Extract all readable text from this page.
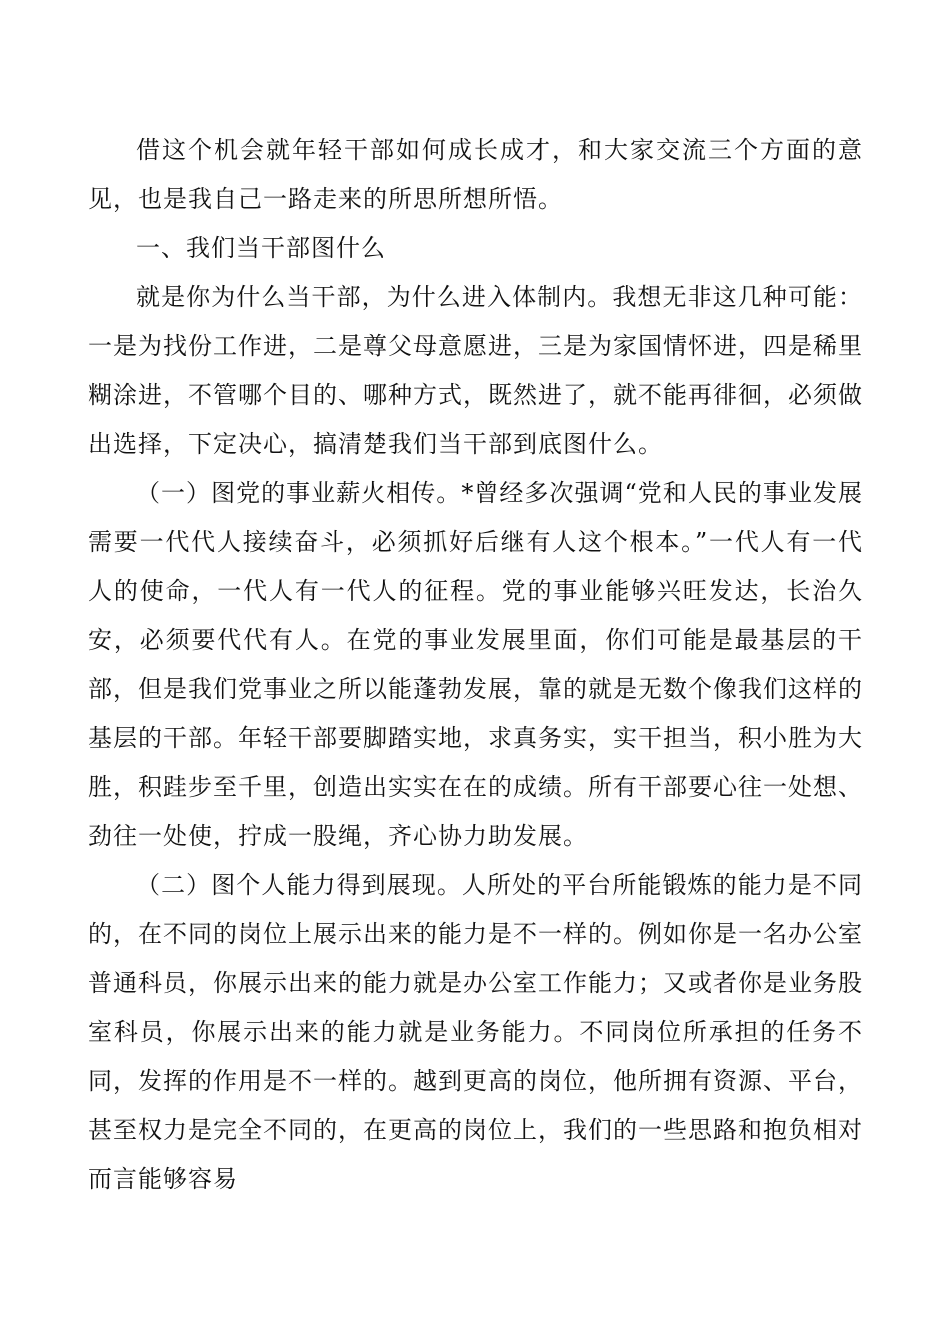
借这个机会就年轻干部如何成长成才，和大家交流三个方面的意见，也是我自己一路走来的所思所想所悟。

一、我们当干部图什么

就是你为什么当干部，为什么进入体制内。我想无非这几种可能：一是为找份工作进，二是尊父母意愿进，三是为家国情怀进，四是稀里糊涂进，不管哪个目的、哪种方式，既然进了，就不能再徘徊，必须做出选择，下定决心，搞清楚我们当干部到底图什么。

（一）图党的事业薪火相传。*曾经多次强调“党和人民的事业发展需要一代代人接续奋斗，必须抓好后继有人这个根本。”一代人有一代人的使命，一代人有一代人的征程。党的事业能够兴旺发达，长治久安，必须要代代有人。在党的事业发展里面，你们可能是最基层的干部，但是我们党事业之所以能蓬勃发展，靠的就是无数个像我们这样的基层的干部。年轻干部要脚踏实地，求真务实，实干担当，积小胜为大胜，积跬步至千里，创造出实实在在的成绩。所有干部要心往一处想、劲往一处使，拧成一股绳，齐心协力助发展。

（二）图个人能力得到展现。人所处的平台所能锻炼的能力是不同的，在不同的岗位上展示出来的能力是不一样的。例如你是一名办公室普通科员，你展示出来的能力就是办公室工作能力；又或者你是业务股室科员，你展示出来的能力就是业务能力。不同岗位所承担的任务不同，发挥的作用是不一样的。越到更高的岗位，他所拥有资源、平台，甚至权力是完全不同的，在更高的岗位上，我们的一些思路和抱负相对而言能够容易
